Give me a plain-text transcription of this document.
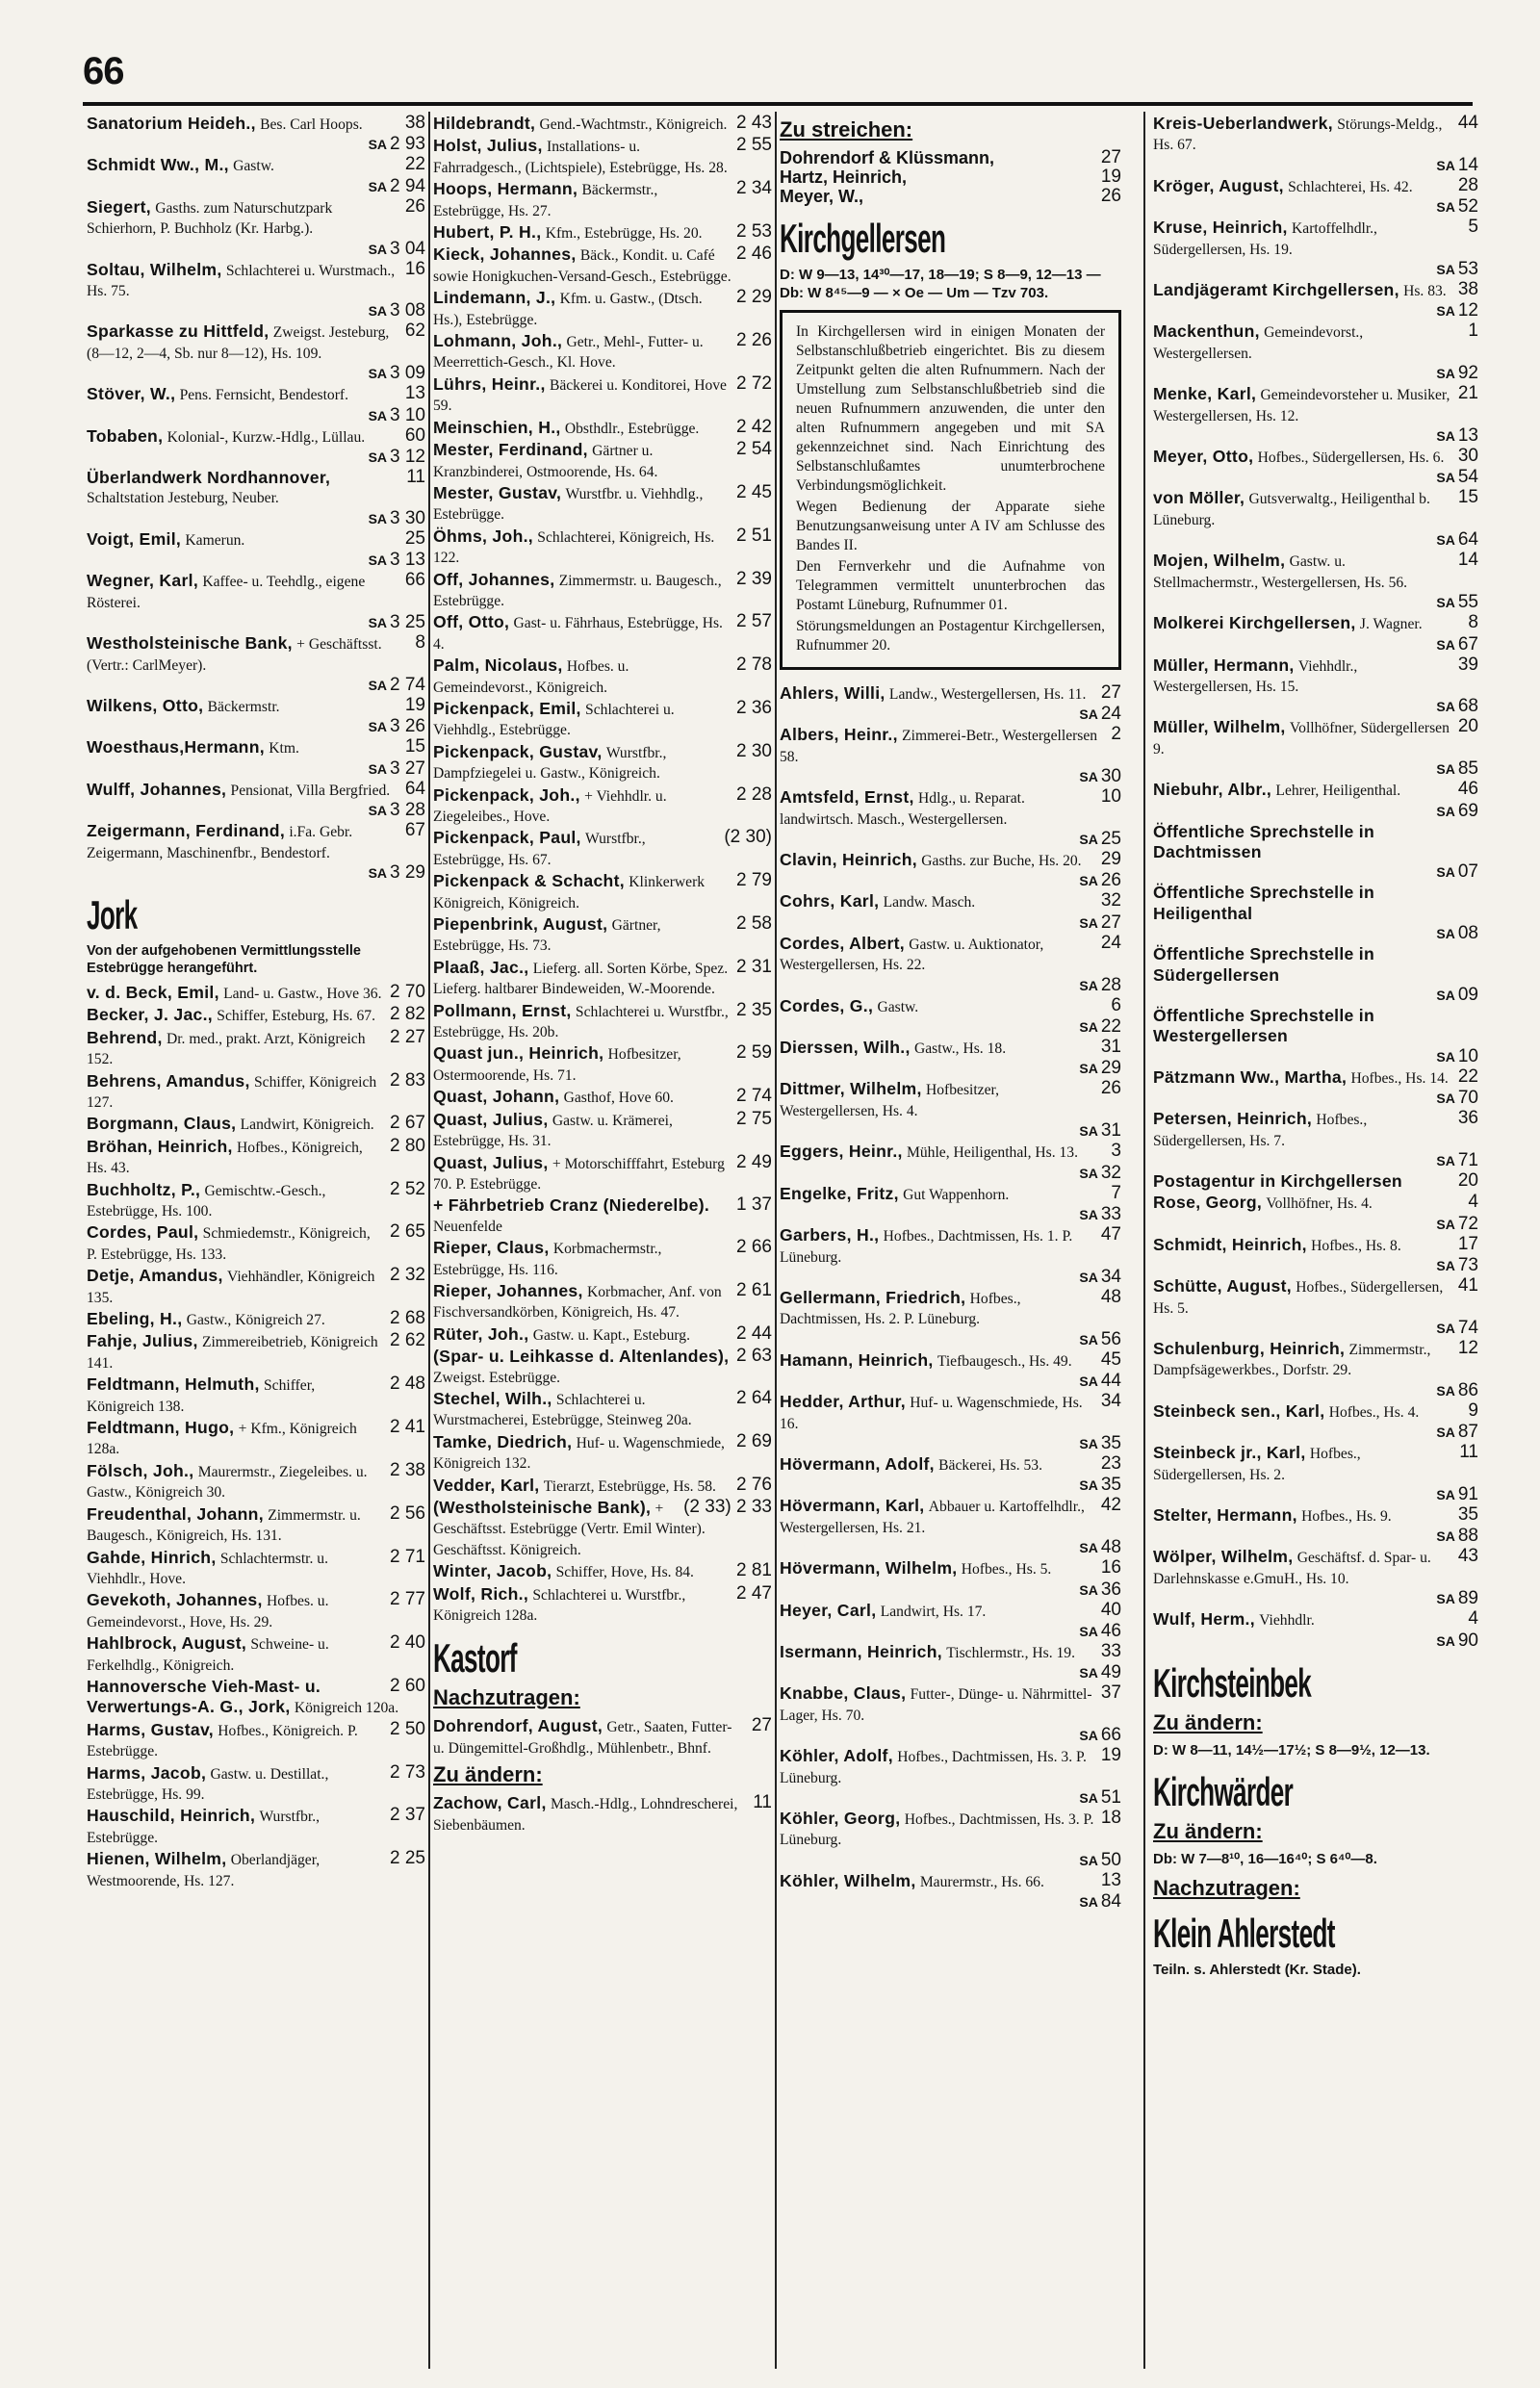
66
38
Sanatorium Heideh., Bes. Carl Hoops.
SA 2 93
22
Schmidt Ww., M., Gastw.
SA 2 94
26
Siegert, Gasths. zum Naturschutzpark Schierhorn, P. Buchholz (Kr. Harbg.).
SA 3 04
16
Soltau, Wilhelm, Schlachterei u. Wurstmach., Hs. 75.
SA 3 08
62
Sparkasse zu Hittfeld, Zweigst. Jesteburg, (8—12, 2—4, Sb. nur 8—12), Hs. 109.
SA 3 09
13
Stöver, W., Pens. Fernsicht, Bendestorf.
SA 3 10
60
Tobaben, Kolonial-, Kurzw.-Hdlg., Lüllau.
SA 3 12
11
Überlandwerk Nordhannover, Schaltstation Jesteburg, Neuber.
SA 3 30
25
Voigt, Emil, Kamerun.
SA 3 13
66
Wegner, Karl, Kaffee- u. Teehdlg., eigene Rösterei.
SA 3 25
8
Westholsteinische Bank, + Geschäftsst. (Vertr.: CarlMeyer).
SA 2 74
19
Wilkens, Otto, Bäckermstr.
SA 3 26
15
Woesthaus,Hermann, Ktm.
SA 3 27
64
Wulff, Johannes, Pensionat, Villa Bergfried.
SA 3 28
67
Zeigermann, Ferdinand, i.Fa. Gebr. Zeigermann, Maschinenfbr., Bendestorf.
SA 3 29
Jork
Von der aufgehobenen Vermittlungsstelle Estebrügge herangeführt.
2 70
v. d. Beck, Emil, Land- u. Gastw., Hove 36.
2 82
Becker, J. Jac., Schiffer, Esteburg, Hs. 67.
2 27
Behrend, Dr. med., prakt. Arzt, Königreich 152.
2 83
Behrens, Amandus, Schiffer, Königreich 127.
2 67
Borgmann, Claus, Landwirt, Königreich.
2 80
Bröhan, Heinrich, Hofbes., Königreich, Hs. 43.
2 52
Buchholtz, P., Gemischtw.-Gesch., Estebrügge, Hs. 100.
2 65
Cordes, Paul, Schmiedemstr., Königreich, P. Estebrügge, Hs. 133.
2 32
Detje, Amandus, Viehhändler, Königreich 135.
2 68
Ebeling, H., Gastw., Königreich 27.
2 62
Fahje, Julius, Zimmereibetrieb, Königreich 141.
2 48
Feldtmann, Helmuth, Schiffer, Königreich 138.
2 41
Feldtmann, Hugo, + Kfm., Königreich 128a.
2 38
Fölsch, Joh., Maurermstr., Ziegeleibes. u. Gastw., Königreich 30.
2 56
Freudenthal, Johann, Zimmermstr. u. Baugesch., Königreich, Hs. 131.
2 71
Gahde, Hinrich, Schlachtermstr. u. Viehhdlr., Hove.
2 77
Gevekoth, Johannes, Hofbes. u. Gemeindevorst., Hove, Hs. 29.
2 40
Hahlbrock, August, Schweine- u. Ferkelhdlg., Königreich.
2 60
Hannoversche Vieh-Mast- u. Verwertungs-A. G., Jork, Königreich 120a.
2 50
Harms, Gustav, Hofbes., Königreich. P. Estebrügge.
2 73
Harms, Jacob, Gastw. u. Destillat., Estebrügge, Hs. 99.
2 37
Hauschild, Heinrich, Wurstfbr., Estebrügge.
2 25
Hienen, Wilhelm, Oberlandjäger, Westmoorende, Hs. 127.
2 43
Hildebrandt, Gend.-Wachtmstr., Königreich.
2 55
Holst, Julius, Installations- u. Fahrradgesch., (Lichtspiele), Estebrügge, Hs. 28.
2 34
Hoops, Hermann, Bäckermstr., Estebrügge, Hs. 27.
2 53
Hubert, P. H., Kfm., Estebrügge, Hs. 20.
2 46
Kieck, Johannes, Bäck., Kondit. u. Café sowie Honigkuchen-Versand-Gesch., Estebrügge.
2 29
Lindemann, J., Kfm. u. Gastw., (Dtsch. Hs.), Estebrügge.
2 26
Lohmann, Joh., Getr., Mehl-, Futter- u. Meerrettich-Gesch., Kl. Hove.
2 72
Lührs, Heinr., Bäckerei u. Konditorei, Hove 59.
2 42
Meinschien, H., Obsthdlr., Estebrügge.
2 54
Mester, Ferdinand, Gärtner u. Kranzbinderei, Ostmoorende, Hs. 64.
2 45
Mester, Gustav, Wurstfbr. u. Viehhdlg., Estebrügge.
2 51
Öhms, Joh., Schlachterei, Königreich, Hs. 122.
2 39
Off, Johannes, Zimmermstr. u. Baugesch., Estebrügge.
2 57
Off, Otto, Gast- u. Fährhaus, Estebrügge, Hs. 4.
2 78
Palm, Nicolaus, Hofbes. u. Gemeindevorst., Königreich.
2 36
Pickenpack, Emil, Schlachterei u. Viehhdlg., Estebrügge.
2 30
Pickenpack, Gustav, Wurstfbr., Dampfziegelei u. Gastw., Königreich.
2 28
Pickenpack, Joh., + Viehhdlr. u. Ziegeleibes., Hove.
(2 30)
Pickenpack, Paul, Wurstfbr., Estebrügge, Hs. 67.
2 79
Pickenpack & Schacht, Klinkerwerk Königreich, Königreich.
2 58
Piepenbrink, August, Gärtner, Estebrügge, Hs. 73.
2 31
Plaaß, Jac., Lieferg. all. Sorten Körbe, Spez. Lieferg. haltbarer Bindeweiden, W.-Moorende.
2 35
Pollmann, Ernst, Schlachterei u. Wurstfbr., Estebrügge, Hs. 20b.
2 59
Quast jun., Heinrich, Hofbesitzer, Ostermoorende, Hs. 71.
2 74
Quast, Johann, Gasthof, Hove 60.
2 75
Quast, Julius, Gastw. u. Krämerei, Estebrügge, Hs. 31.
2 49
Quast, Julius, + Motorschifffahrt, Esteburg 70. P. Estebrügge.
1 37
+ Fährbetrieb Cranz (Niederelbe). Neuenfelde
2 66
Rieper, Claus, Korbmachermstr., Estebrügge, Hs. 116.
2 61
Rieper, Johannes, Korbmacher, Anf. von Fischversandkörben, Königreich, Hs. 47.
2 44
Rüter, Joh., Gastw. u. Kapt., Esteburg.
2 63
(Spar- u. Leihkasse d. Altenlandes), Zweigst. Estebrügge.
2 64
Stechel, Wilh., Schlachterei u. Wurstmacherei, Estebrügge, Steinweg 20a.
2 69
Tamke, Diedrich, Huf- u. Wagenschmiede, Königreich 132.
2 76
Vedder, Karl, Tierarzt, Estebrügge, Hs. 58.
(2 33) 2 33
(Westholsteinische Bank), + Geschäftsst. Estebrügge (Vertr. Emil Winter). Geschäftsst. Königreich.
2 81
Winter, Jacob, Schiffer, Hove, Hs. 84.
2 47
Wolf, Rich., Schlachterei u. Wurstfbr., Königreich 128a.
Kastorf
Nachzutragen:
27
Dohrendorf, August, Getr., Saaten, Futter- u. Düngemittel-Großhdlg., Mühlenbetr., Bhnf.
Zu ändern:
11
Zachow, Carl, Masch.-Hdlg., Lohndrescherei, Siebenbäumen.
Zu streichen:
27
Dohrendorf & Klüssmann,
19
Hartz, Heinrich,
26
Meyer, W.,
Kirchgellersen
D: W 9—13, 14³⁰—17, 18—19; S 8—9, 12—13 — Db: W 8⁴⁵—9 — × Oe — Um — Tzv 703.
In Kirchgellersen wird in einigen Monaten der Selbstanschlußbetrieb eingerichtet. Bis zu diesem Zeitpunkt gelten die alten Rufnummern. Nach der Umstellung zum Selbstanschlußbetrieb sind die neuen Rufnummern anzuwenden, die unter den alten Rufnummern angegeben und mit SA gekennzeichnet sind. Nach Einrichtung des Selbstanschlußamtes unumterbrochene Verbindungsmöglichkeit.
Wegen Bedienung der Apparate siehe Benutzungsanweisung unter A IV am Schlusse des Bandes II.
Den Fernverkehr und die Aufnahme von Telegrammen vermittelt ununterbrochen das Postamt Lüneburg, Rufnummer 01.
Störungsmeldungen an Postagentur Kirchgellersen, Rufnummer 20.
27
Ahlers, Willi, Landw., Westergellersen, Hs. 11.
SA 24
2
Albers, Heinr., Zimmerei-Betr., Westergellersen 58.
SA 30
10
Amtsfeld, Ernst, Hdlg., u. Reparat. landwirtsch. Masch., Westergellersen.
SA 25
29
Clavin, Heinrich, Gasths. zur Buche, Hs. 20.
SA 26
32
Cohrs, Karl, Landw. Masch.
SA 27
24
Cordes, Albert, Gastw. u. Auktionator, Westergellersen, Hs. 22.
SA 28
6
Cordes, G., Gastw.
SA 22
31
Dierssen, Wilh., Gastw., Hs. 18.
SA 29
26
Dittmer, Wilhelm, Hofbesitzer, Westergellersen, Hs. 4.
SA 31
3
Eggers, Heinr., Mühle, Heiligenthal, Hs. 13.
SA 32
7
Engelke, Fritz, Gut Wappenhorn.
SA 33
47
Garbers, H., Hofbes., Dachtmissen, Hs. 1. P. Lüneburg.
SA 34
48
Gellermann, Friedrich, Hofbes., Dachtmissen, Hs. 2. P. Lüneburg.
SA 56
45
Hamann, Heinrich, Tiefbaugesch., Hs. 49.
SA 44
34
Hedder, Arthur, Huf- u. Wagenschmiede, Hs. 16.
SA 35
23
Hövermann, Adolf, Bäckerei, Hs. 53.
SA 35
42
Hövermann, Karl, Abbauer u. Kartoffelhdlr., Westergellersen, Hs. 21.
SA 48
16
Hövermann, Wilhelm, Hofbes., Hs. 5.
SA 36
40
Heyer, Carl, Landwirt, Hs. 17.
SA 46
33
Isermann, Heinrich, Tischlermstr., Hs. 19.
SA 49
37
Knabbe, Claus, Futter-, Dünge- u. Nährmittel-Lager, Hs. 70.
SA 66
19
Köhler, Adolf, Hofbes., Dachtmissen, Hs. 3. P. Lüneburg.
SA 51
18
Köhler, Georg, Hofbes., Dachtmissen, Hs. 3. P. Lüneburg.
SA 50
13
Köhler, Wilhelm, Maurermstr., Hs. 66.
SA 84
44
Kreis-Ueberlandwerk, Störungs-Meldg., Hs. 67.
SA 14
28
Kröger, August, Schlachterei, Hs. 42.
SA 52
5
Kruse, Heinrich, Kartoffelhdlr., Südergellersen, Hs. 19.
SA 53
38
Landjägeramt Kirchgellersen, Hs. 83.
SA 12
1
Mackenthun, Gemeindevorst., Westergellersen.
SA 92
21
Menke, Karl, Gemeindevorsteher u. Musiker, Westergellersen, Hs. 12.
SA 13
30
Meyer, Otto, Hofbes., Südergellersen, Hs. 6.
SA 54
15
von Möller, Gutsverwaltg., Heiligenthal b. Lüneburg.
SA 64
14
Mojen, Wilhelm, Gastw. u. Stellmachermstr., Westergellersen, Hs. 56.
SA 55
8
Molkerei Kirchgellersen, J. Wagner.
SA 67
39
Müller, Hermann, Viehhdlr., Westergellersen, Hs. 15.
SA 68
20
Müller, Wilhelm, Vollhöfner, Südergellersen 9.
SA 85
46
Niebuhr, Albr., Lehrer, Heiligenthal.
SA 69
Öffentliche Sprechstelle in Dachtmissen
SA 07
Öffentliche Sprechstelle in Heiligenthal
SA 08
Öffentliche Sprechstelle in Südergellersen
SA 09
Öffentliche Sprechstelle in Westergellersen
SA 10
22
Pätzmann Ww., Martha, Hofbes., Hs. 14.
SA 70
36
Petersen, Heinrich, Hofbes., Südergellersen, Hs. 7.
SA 71
20
Postagentur in Kirchgellersen
4
Rose, Georg, Vollhöfner, Hs. 4.
SA 72
17
Schmidt, Heinrich, Hofbes., Hs. 8.
SA 73
41
Schütte, August, Hofbes., Südergellersen, Hs. 5.
SA 74
12
Schulenburg, Heinrich, Zimmermstr., Dampfsägewerkbes., Dorfstr. 29.
SA 86
9
Steinbeck sen., Karl, Hofbes., Hs. 4.
SA 87
11
Steinbeck jr., Karl, Hofbes., Südergellersen, Hs. 2.
SA 91
35
Stelter, Hermann, Hofbes., Hs. 9.
SA 88
43
Wölper, Wilhelm, Geschäftsf. d. Spar- u. Darlehnskasse e.GmuH., Hs. 10.
SA 89
4
Wulf, Herm., Viehhdlr.
SA 90
Kirchsteinbek
Zu ändern:
D: W 8—11, 14½—17½; S 8—9½, 12—13.
Kirchwärder
Zu ändern:
Db: W 7—8¹⁰, 16—16⁴⁰; S 6⁴⁰—8.
Nachzutragen:
Klein Ahlerstedt
Teiln. s. Ahlerstedt (Kr. Stade).
